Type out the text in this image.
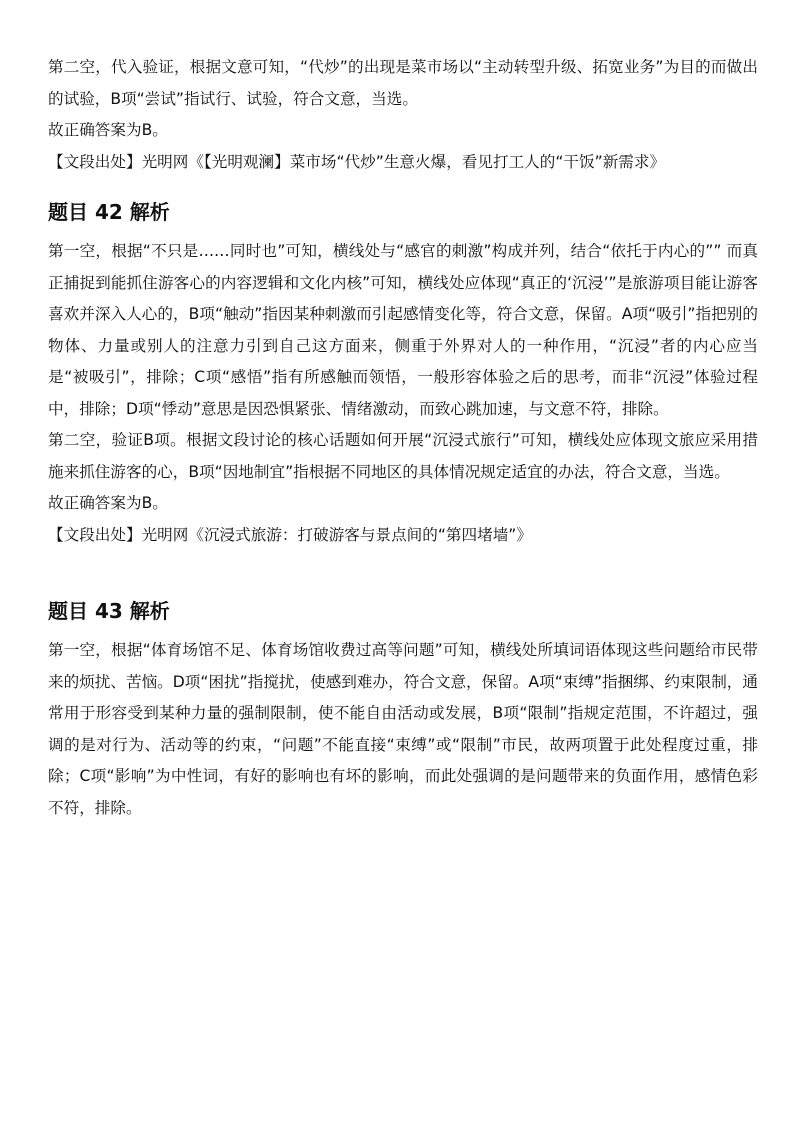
第二空，代入验证，根据文意可知，“代炒”的出现是菜市场以“主动转型升级、拓宽业务”为目的而做出的试验，B项“尝试”指试行、试验，符合文意，当选。

故正确答案为B。

【文段出处】光明网《【光明观澜】菜市场“代炒”生意火爆，看见打工人的“干饭”新需求》

题目 42 解析

第一空，根据“不只是……同时也”可知，横线处与“感官的刺激”构成并列，结合“依托于内心的”” 而真正捕捉到能抓住游客心的内容逻辑和文化内核”可知，横线处应体现“真正的‘沉浸’”是旅游项目能让游客喜欢并深入人心的，B项“触动”指因某种刺激而引起感情变化等，符合文意，保留。A项“吸引”指把别的物体、力量或别人的注意力引到自己这方面来，侧重于外界对人的一种作用，“沉浸”者的内心应当是“被吸引”，排除；C项“感悟”指有所感触而领悟，一般形容体验之后的思考，而非“沉浸”体验过程中，排除；D项“悸动”意思是因恐惧紧张、情绪激动，而致心跳加速，与文意不符，排除。

第二空，验证B项。根据文段讨论的核心话题如何开展“沉浸式旅行”可知，横线处应体现文旅应采用措施来抓住游客的心，B项“因地制宜”指根据不同地区的具体情况规定适宜的办法，符合文意，当选。

故正确答案为B。

【文段出处】光明网《沉浸式旅游：打破游客与景点间的“第四堵墙”》

题目 43 解析

第一空，根据“体育场馆不足、体育场馆收费过高等问题”可知，横线处所填词语体现这些问题给市民带来的烦扰、苦恼。D项“困扰”指搅扰，使感到难办，符合文意，保留。A项“束缚”指捆绑、约束限制，通常用于形容受到某种力量的强制限制，使不能自由活动或发展，B项“限制”指规定范围，不许超过，强调的是对行为、活动等的约束，“问题”不能直接“束缚”或“限制”市民，故两项置于此处程度过重，排除；C项“影响”为中性词，有好的影响也有坏的影响，而此处强调的是问题带来的负面作用，感情色彩不符，排除。
